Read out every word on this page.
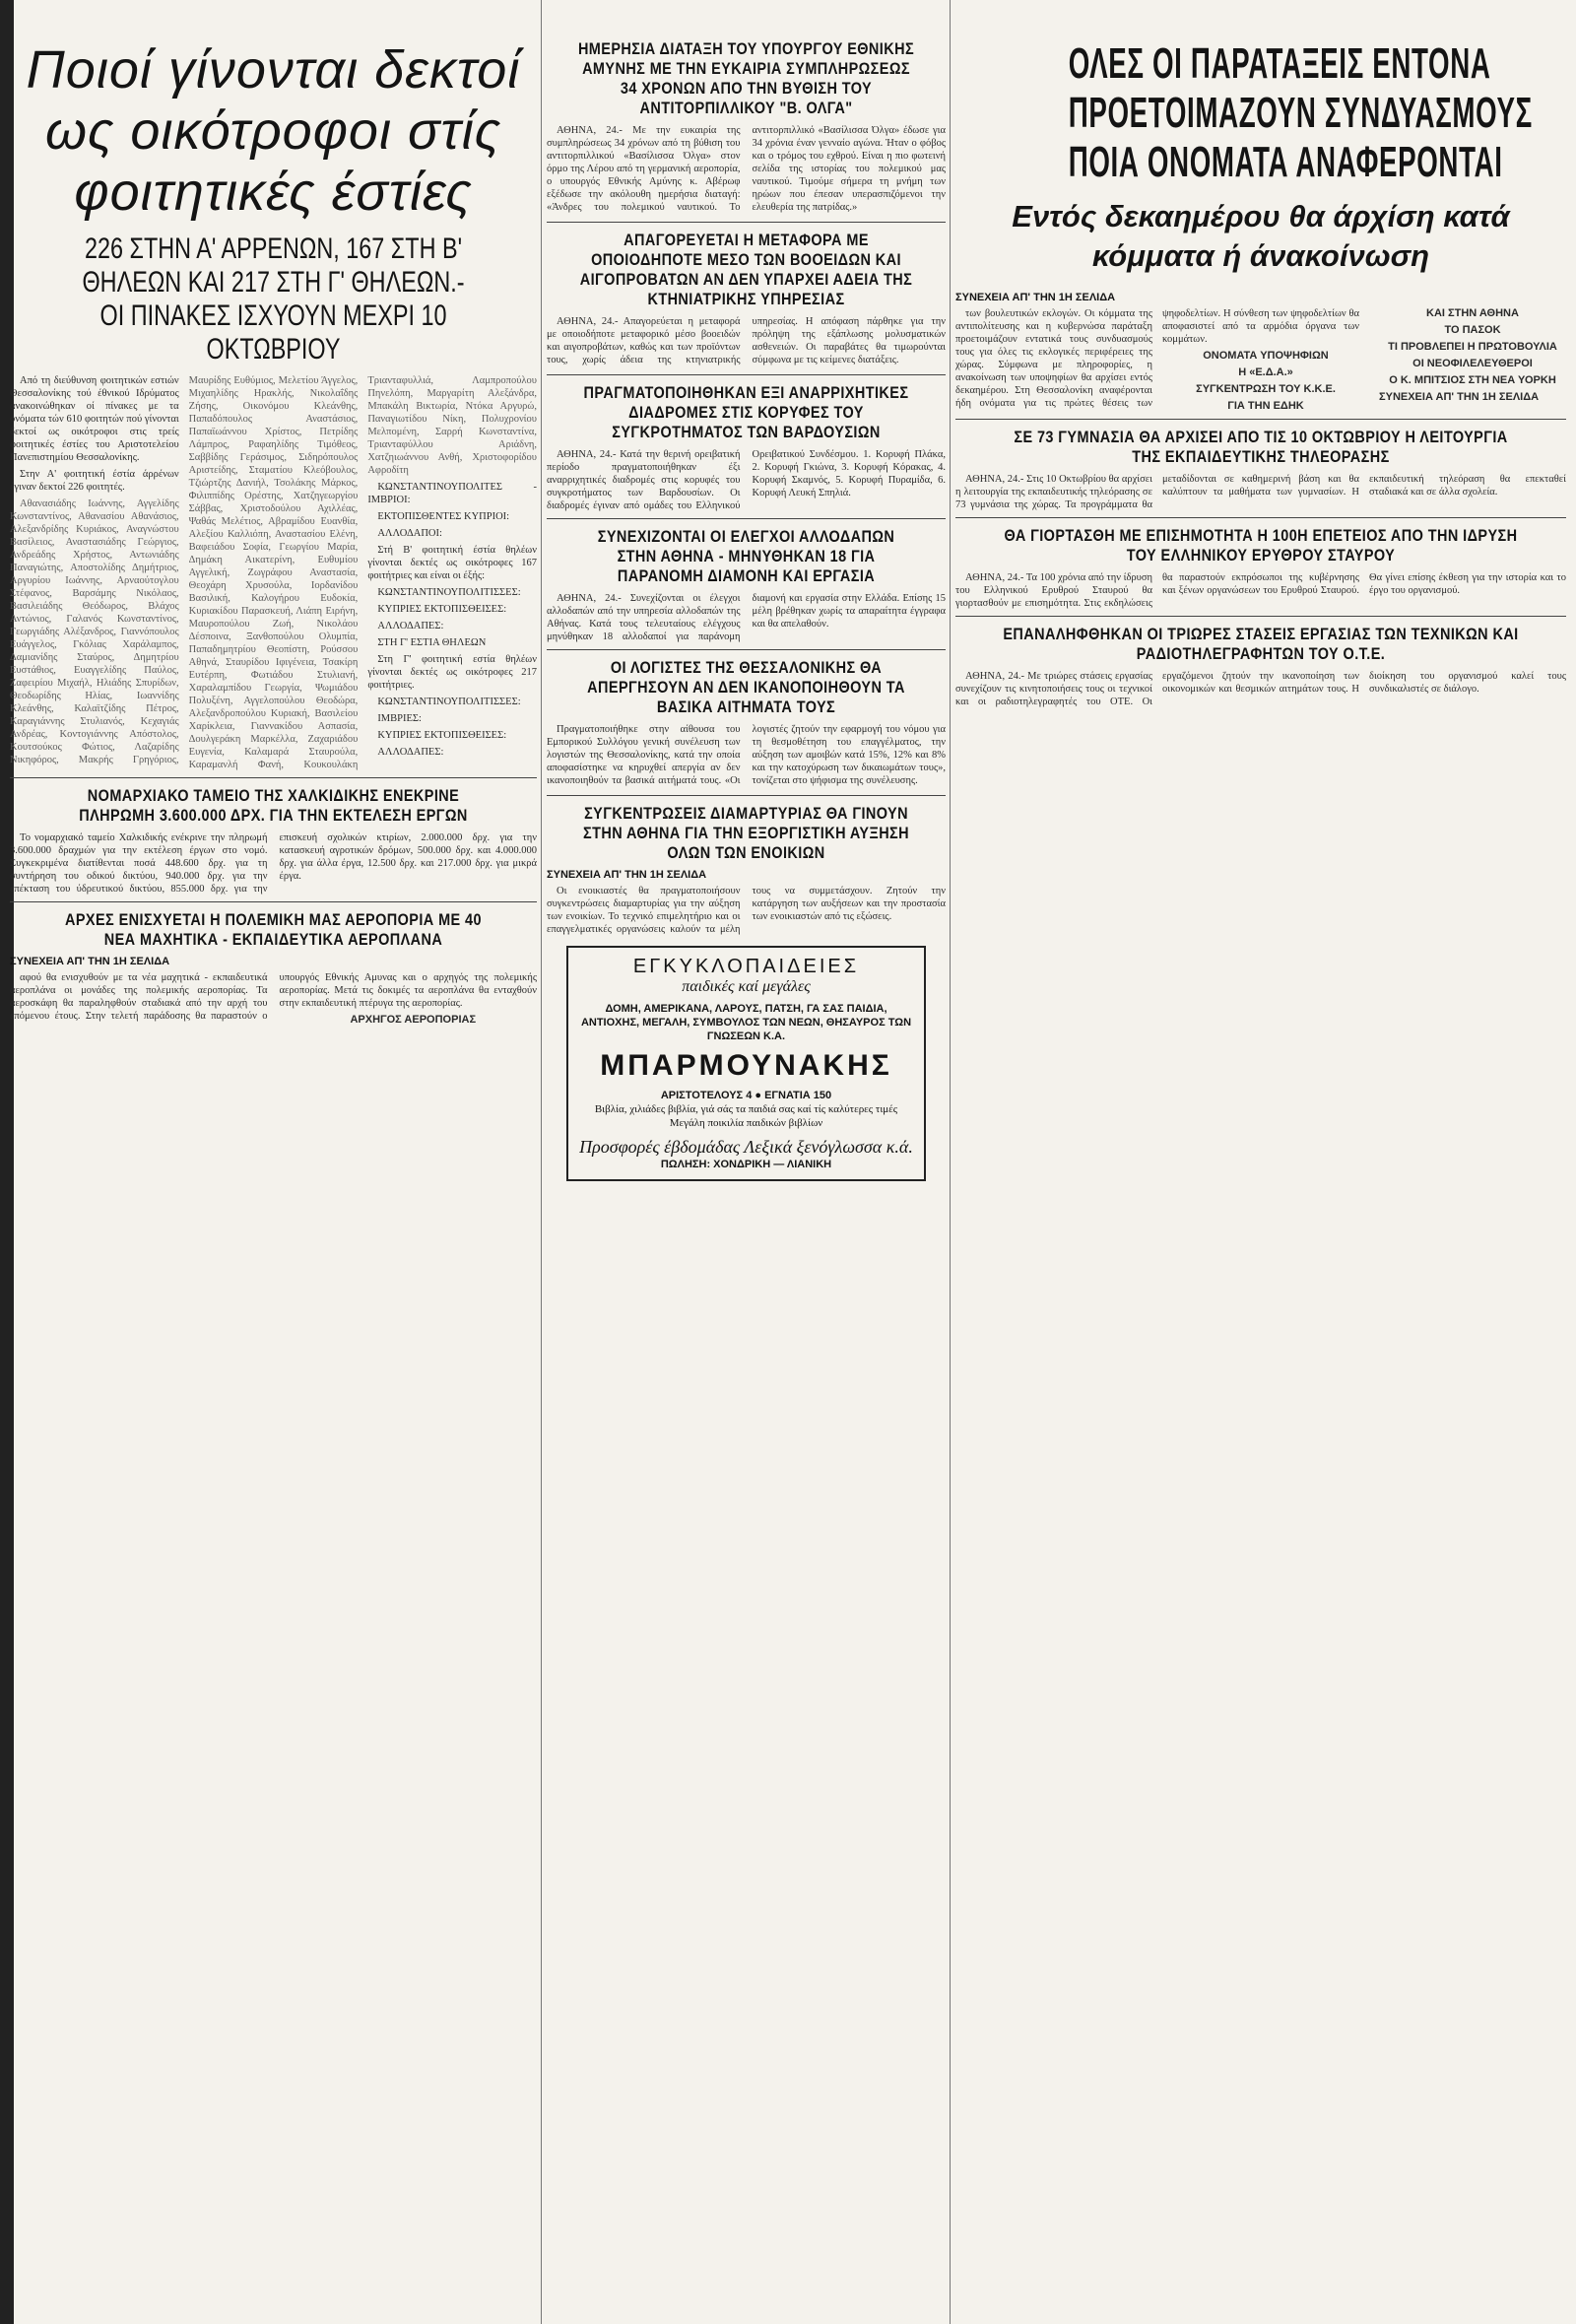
Ποιοί γίνονται δεκτοί ως οικότροφοι στίς φοιτητικές έστίες
226 ΣΤΗΝ Α' ΑΡΡΕΝΩΝ, 167 ΣΤΗ Β' ΘΗΛΕΩΝ ΚΑΙ 217 ΣΤΗ Γ' ΘΗΛΕΩΝ.- ΟΙ ΠΙΝΑΚΕΣ ΙΣΧΥΟΥΝ ΜΕΧΡΙ 10 ΟΚΤΩΒΡΙΟΥ

Από τη διεύθυνση φοιτητικών εστιών Θεσσαλονίκης τού έθνικού Ιδρύματος ανακοινώθηκαν οί πίνακες με τα ονόματα τών 610 φοιτητών πού γίνονται δεκτοί ως οικότροφοι στις τρείς φοιτητικές έστίες του Αριστοτελείου Πανεπιστημίου Θεσσαλονίκης.

Στην Α' φοιτητική έστία άρρένων έγιναν δεκτοί 226 φοιτητές.

Αθανασιάδης Ιωάννης, Αγγελίδης Κωνσταντίνος, Αθανασίου Αθανάσιος, Αλεξανδρίδης Κυριάκος, Αναγνώστου Βασίλειος, Αναστασιάδης Γεώργιος, Ανδρεάδης Χρήστος, Αντωνιάδης Παναγιώτης, Αποστολίδης Δημήτριος, Αργυρίου Ιωάννης, Αρναούτογλου Στέφανος, Βαρσάμης Νικόλαος, Βασιλειάδης Θεόδωρος, Βλάχος Αντώνιος, Γαλανός Κωνσταντίνος, Γεωργιάδης Αλέξανδρος, Γιαννόπουλος Ευάγγελος, Γκόλιας Χαράλαμπος, Δαμιανίδης Σταύρος, Δημητρίου Ευστάθιος, Ευαγγελίδης Παύλος, Ζαφειρίου Μιχαήλ, Ηλιάδης Σπυρίδων, Θεοδωρίδης Ηλίας, Ιωαννίδης Κλεάνθης, Καλαϊτζίδης Πέτρος, Καραγιάννης Στυλιανός, Κεχαγιάς Ανδρέας, Κοντογιάννης Απόστολος, Κουτσούκος Φώτιος, Λαζαρίδης Νικηφόρος, Μακρής Γρηγόριος, Μαυρίδης Ευθύμιος, Μελετίου Άγγελος, Μιχαηλίδης Ηρακλής, Νικολαΐδης Ζήσης, Οικονόμου Κλεάνθης, Παπαδόπουλος Αναστάσιος, Παπαϊωάννου Χρίστος, Πετρίδης Λάμπρος, Ραφαηλίδης Τιμόθεος, Σαββίδης Γεράσιμος, Σιδηρόπουλος Αριστείδης, Σταματίου Κλεόβουλος, Τζιώρτζης Δανιήλ, Τσολάκης Μάρκος, Φιλιππίδης Ορέστης, Χατζηγεωργίου Σάββας, Χριστοδούλου Αχιλλέας, Ψαθάς Μελέτιος, Αβραμίδου Ευανθία, Αλεξίου Καλλιόπη, Αναστασίου Ελένη, Βαφειάδου Σοφία, Γεωργίου Μαρία, Δημάκη Αικατερίνη, Ευθυμίου Αγγελική, Ζωγράφου Αναστασία, Θεοχάρη Χρυσούλα, Ιορδανίδου Βασιλική, Καλογήρου Ευδοκία, Κυριακίδου Παρασκευή, Λιάπη Ειρήνη, Μαυροπούλου Ζωή, Νικολάου Δέσποινα, Ξανθοπούλου Ολυμπία, Παπαδημητρίου Θεοπίστη, Ρούσσου Αθηνά, Σταυρίδου Ιφιγένεια, Τσακίρη Ευτέρπη, Φωτιάδου Στυλιανή, Χαραλαμπίδου Γεωργία, Ψωμιάδου Πολυξένη, Αγγελοπούλου Θεοδώρα, Αλεξανδροπούλου Κυριακή, Βασιλείου Χαρίκλεια, Γιαννακίδου Ασπασία, Δουλγεράκη Μαρκέλλα, Ζαχαριάδου Ευγενία, Καλαμαρά Σταυρούλα, Καραμανλή Φανή, Κουκουλάκη Τριανταφυλλιά, Λαμπροπούλου Πηνελόπη, Μαργαρίτη Αλεξάνδρα, Μπακάλη Βικτωρία, Ντόκα Αργυρώ, Παναγιωτίδου Νίκη, Πολυχρονίου Μελπομένη, Σαρρή Κωνσταντίνα, Τριανταφύλλου Αριάδνη, Χατζηιωάννου Ανθή, Χριστοφορίδου Αφροδίτη

ΚΩΝΣΤΑΝΤΙΝΟΥΠΟΛΙΤΕΣ - ΙΜΒΡΙΟΙ:

ΕΚΤΟΠΙΣΘΕΝΤΕΣ ΚΥΠΡΙΟΙ:

ΑΛΛΟΔΑΠΟΙ:

Στή Β' φοιτητική έστία θηλέων γίνονται δεκτές ως οικότροφες 167 φοιτήτριες και είναι οι έξής:

ΚΩΝΣΤΑΝΤΙΝΟΥΠΟΛΙΤΙΣΣΕΣ:

ΚΥΠΡΙΕΣ ΕΚΤΟΠΙΣΘΕΙΣΕΣ:

ΑΛΛΟΔΑΠΕΣ:

ΣΤΗ Γ' ΕΣΤΙΑ ΘΗΛΕΩΝ

Στη Γ' φοιτητική εστία θηλέων γίνονται δεκτές ως οικότροφες 217 φοιτήτριες.

ΚΩΝΣΤΑΝΤΙΝΟΥΠΟΛΙΤΙΣΣΕΣ:

ΙΜΒΡΙΕΣ:

ΚΥΠΡΙΕΣ ΕΚΤΟΠΙΣΘΕΙΣΕΣ:

ΑΛΛΟΔΑΠΕΣ:

ΝΟΜΑΡΧΙΑΚΟ ΤΑΜΕΙΟ ΤΗΣ ΧΑΛΚΙΔΙΚΗΣ ΕΝΕΚΡΙΝΕ ΠΛΗΡΩΜΗ 3.600.000 ΔΡΧ. ΓΙΑ ΤΗΝ ΕΚΤΕΛΕΣΗ ΕΡΓΩΝ

Το νομαρχιακό ταμείο Χαλκιδικής ενέκρινε την πληρωμή 3.600.000 δραχμών για την εκτέλεση έργων στο νομό. Συγκεκριμένα διατίθενται ποσά 448.600 δρχ. για τη συντήρηση του οδικού δικτύου, 940.000 δρχ. για την επέκταση του ύδρευτικού δικτύου, 855.000 δρχ. για την επισκευή σχολικών κτιρίων, 2.000.000 δρχ. για την κατασκευή αγροτικών δρόμων, 500.000 δρχ. και 4.000.000 δρχ. για άλλα έργα, 12.500 δρχ. και 217.000 δρχ. για μικρά έργα.

ΑΡΧΕΣ ΕΝΙΣΧΥΕΤΑΙ Η ΠΟΛΕΜΙΚΗ ΜΑΣ ΑΕΡΟΠΟΡΙΑ ΜΕ 40 ΝΕΑ ΜΑΧΗΤΙΚΑ - ΕΚΠΑΙΔΕΥΤΙΚΑ ΑΕΡΟΠΛΑΝΑ
ΣΥΝΕΧΕΙΑ ΑΠ' ΤΗΝ 1Η ΣΕΛΙΔΑ

αφού θα ενισχυθούν με τα νέα μαχητικά - εκπαιδευτικά αεροπλάνα οι μονάδες της πολεμικής αεροπορίας. Τα αεροσκάφη θα παραληφθούν σταδιακά από την αρχή του επόμενου έτους. Στην τελετή παράδοσης θα παραστούν ο υπουργός Εθνικής Αμυνας και ο αρχηγός της πολεμικής αεροπορίας. Μετά τις δοκιμές τα αεροπλάνα θα ενταχθούν στην εκπαιδευτική πτέρυγα της αεροπορίας.

ΑΡΧΗΓΟΣ ΑΕΡΟΠΟΡΙΑΣ

ΗΜΕΡΗΣΙΑ ΔΙΑΤΑΞΗ ΤΟΥ ΥΠΟΥΡΓΟΥ ΕΘΝΙΚΗΣ ΑΜΥΝΗΣ ΜΕ ΤΗΝ ΕΥΚΑΙΡΙΑ ΣΥΜΠΛΗΡΩΣΕΩΣ 34 ΧΡΟΝΩΝ ΑΠΟ ΤΗΝ ΒΥΘΙΣΗ ΤΟΥ ΑΝΤΙΤΟΡΠΙΛΛΙΚΟΥ "Β. ΟΛΓΑ"

ΑΘΗΝΑ, 24.- Με την ευκαιρία της συμπληρώσεως 34 χρόνων από τη βύθιση του αντιτορπιλλικού «Βασίλισσα Όλγα» στον όρμο της Λέρου από τη γερμανική αεροπορία, ο υπουργός Εθνικής Αμύνης κ. Αβέρωφ εξέδωσε την ακόλουθη ημερήσια διαταγή: «Άνδρες του πολεμικού ναυτικού. Το αντιτορπιλλικό «Βασίλισσα Όλγα» έδωσε για 34 χρόνια έναν γενναίο αγώνα. Ήταν ο φόβος και ο τρόμος του εχθρού. Είναι η πιο φωτεινή σελίδα της ιστορίας του πολεμικού μας ναυτικού. Τιμούμε σήμερα τη μνήμη των ηρώων που έπεσαν υπερασπιζόμενοι την ελευθερία της πατρίδας.»

ΑΠΑΓΟΡΕΥΕΤΑΙ Η ΜΕΤΑΦΟΡΑ ΜΕ ΟΠΟΙΟΔΗΠΟΤΕ ΜΕΣΟ ΤΩΝ ΒΟΟΕΙΔΩΝ ΚΑΙ ΑΙΓΟΠΡΟΒΑΤΩΝ ΑΝ ΔΕΝ ΥΠΑΡΧΕΙ ΑΔΕΙΑ ΤΗΣ ΚΤΗΝΙΑΤΡΙΚΗΣ ΥΠΗΡΕΣΙΑΣ

ΑΘΗΝΑ, 24.- Απαγορεύεται η μεταφορά με οποιοδήποτε μεταφορικό μέσο βοοειδών και αιγοπροβάτων, καθώς και των προϊόντων τους, χωρίς άδεια της κτηνιατρικής υπηρεσίας. Η απόφαση πάρθηκε για την πρόληψη της εξάπλωσης μολυσματικών ασθενειών. Οι παραβάτες θα τιμωρούνται σύμφωνα με τις κείμενες διατάξεις.

ΠΡΑΓΜΑΤΟΠΟΙΗΘΗΚΑΝ ΕΞΙ ΑΝΑΡΡΙΧΗΤΙΚΕΣ ΔΙΑΔΡΟΜΕΣ ΣΤΙΣ ΚΟΡΥΦΕΣ ΤΟΥ ΣΥΓΚΡΟΤΗΜΑΤΟΣ ΤΩΝ ΒΑΡΔΟΥΣΙΩΝ

ΑΘΗΝΑ, 24.- Κατά την θερινή ορειβατική περίοδο πραγματοποιήθηκαν έξι αναρριχητικές διαδρομές στις κορυφές του συγκροτήματος των Βαρδουσίων. Οι διαδρομές έγιναν από ομάδες του Ελληνικού Ορειβατικού Συνδέσμου. 1. Κορυφή Πλάκα, 2. Κορυφή Γκιώνα, 3. Κορυφή Κόρακας, 4. Κορυφή Σκαμνός, 5. Κορυφή Πυραμίδα, 6. Κορυφή Λευκή Σπηλιά.

ΣΥΝΕΧΙΖΟΝΤΑΙ ΟΙ ΕΛΕΓΧΟΙ ΑΛΛΟΔΑΠΩΝ ΣΤΗΝ ΑΘΗΝΑ - ΜΗΝΥΘΗΚΑΝ 18 ΓΙΑ ΠΑΡΑΝΟΜΗ ΔΙΑΜΟΝΗ ΚΑΙ ΕΡΓΑΣΙΑ

ΑΘΗΝΑ, 24.- Συνεχίζονται οι έλεγχοι αλλοδαπών από την υπηρεσία αλλοδαπών της Αθήνας. Κατά τους τελευταίους ελέγχους μηνύθηκαν 18 αλλοδαποί για παράνομη διαμονή και εργασία στην Ελλάδα. Επίσης 15 μέλη βρέθηκαν χωρίς τα απαραίτητα έγγραφα και θα απελαθούν.

ΟΙ ΛΟΓΙΣΤΕΣ ΤΗΣ ΘΕΣΣΑΛΟΝΙΚΗΣ ΘΑ ΑΠΕΡΓΗΣΟΥΝ ΑΝ ΔΕΝ ΙΚΑΝΟΠΟΙΗΘΟΥΝ ΤΑ ΒΑΣΙΚΑ ΑΙΤΗΜΑΤΑ ΤΟΥΣ

Πραγματοποιήθηκε στην αίθουσα του Εμπορικού Συλλόγου γενική συνέλευση των λογιστών της Θεσσαλονίκης, κατά την οποία αποφασίστηκε να κηρυχθεί απεργία αν δεν ικανοποιηθούν τα βασικά αιτήματά τους. «Οι λογιστές ζητούν την εφαρμογή του νόμου για τη θεσμοθέτηση του επαγγέλματος, την αύξηση των αμοιβών κατά 15%, 12% και 8% και την κατοχύρωση των δικαιωμάτων τους», τονίζεται στο ψήφισμα της συνέλευσης.

ΣΥΓΚΕΝΤΡΩΣΕΙΣ ΔΙΑΜΑΡΤΥΡΙΑΣ ΘΑ ΓΙΝΟΥΝ ΣΤΗΝ ΑΘΗΝΑ ΓΙΑ ΤΗΝ ΕΞΟΡΓΙΣΤΙΚΗ ΑΥΞΗΣΗ ΟΛΩΝ ΤΩΝ ΕΝΟΙΚΙΩΝ
ΣΥΝΕΧΕΙΑ ΑΠ' ΤΗΝ 1Η ΣΕΛΙΔΑ

Οι ενοικιαστές θα πραγματοποιήσουν συγκεντρώσεις διαμαρτυρίας για την αύξηση των ενοικίων. Το τεχνικό επιμελητήριο και οι επαγγελματικές οργανώσεις καλούν τα μέλη τους να συμμετάσχουν. Ζητούν την κατάργηση των αυξήσεων και την προστασία των ενοικιαστών από τις εξώσεις.

ΕΓΚΥΚΛΟΠΑΙΔΕΙΕΣ
παιδικές καί μεγάλες
ΔΟΜΗ, ΑΜΕΡΙΚΑΝΑ, ΛΑΡΟΥΣ, ΠΑΤΣΗ, ΓΑ ΣΑΣ ΠΑΙΔΙΑ,
ΑΝΤΙΟΧΗΣ, ΜΕΓΑΛΗ, ΣΥΜΒΟΥΛΟΣ ΤΩΝ ΝΕΩΝ, ΘΗΣΑΥΡΟΣ ΤΩΝ ΓΝΩΣΕΩΝ Κ.Α.
ΜΠΑΡΜΟΥΝΑΚΗΣ
ΑΡΙΣΤΟΤΕΛΟΥΣ 4 ● ΕΓΝΑΤΙΑ 150
Βιβλία, χιλιάδες βιβλία, γιά σάς τα παιδιά σας καί τίς καλύτερες τιμές
Μεγάλη ποικιλία παιδικών βιβλίων
Προσφορές έβδομάδας Λεξικά ξενόγλωσσα κ.ά.
ΠΩΛΗΣΗ: ΧΟΝΔΡΙΚΗ — ΛΙΑΝΙΚΗ
ΟΛΕΣ ΟΙ ΠΑΡΑΤΑΞΕΙΣ ΕΝΤΟΝΑ
ΠΡΟΕΤΟΙΜΑΖΟΥΝ ΣΥΝΔΥΑΣΜΟΥΣ
ΠΟΙΑ ΟΝΟΜΑΤΑ ΑΝΑΦΕΡΟΝΤΑΙ
Εντός δεκαημέρου θα άρχίση κατά κόμματα ή άνακοίνωση
ΣΥΝΕΧΕΙΑ ΑΠ' ΤΗΝ 1Η ΣΕΛΙΔΑ

των βουλευτικών εκλογών. Οι κόμματα της αντιπολίτευσης και η κυβερνώσα παράταξη προετοιμάζουν εντατικά τους συνδυασμούς τους για όλες τις εκλογικές περιφέρειες της χώρας. Σύμφωνα με πληροφορίες, η ανακοίνωση των υποψηφίων θα αρχίσει εντός δεκαημέρου. Στη Θεσσαλονίκη αναφέρονται ήδη ονόματα για τις πρώτες θέσεις των ψηφοδελτίων. Η σύνθεση των ψηφοδελτίων θα αποφασιστεί από τα αρμόδια όργανα των κομμάτων.

ΟΝΟΜΑΤΑ ΥΠΟΨΗΦΙΩΝ

Η «Ε.Δ.Α.»

ΣΥΓΚΕΝΤΡΩΣΗ ΤΟΥ Κ.Κ.Ε.

ΓΙΑ ΤΗΝ ΕΔΗΚ

ΚΑΙ ΣΤΗΝ ΑΘΗΝΑ

ΤΟ ΠΑΣΟΚ

ΤΙ ΠΡΟΒΛΕΠΕΙ Η ΠΡΩΤΟΒΟΥΛΙΑ

ΟΙ ΝΕΟΦΙΛΕΛΕΥΘΕΡΟΙ

Ο Κ. ΜΠΙΤΣΙΟΣ ΣΤΗ ΝΕΑ ΥΟΡΚΗ

ΣΥΝΕΧΕΙΑ ΑΠ' ΤΗΝ 1Η ΣΕΛΙΔΑ

ΣΕ 73 ΓΥΜΝΑΣΙΑ ΘΑ ΑΡΧΙΣΕΙ ΑΠΟ ΤΙΣ 10 ΟΚΤΩΒΡΙΟΥ Η ΛΕΙΤΟΥΡΓΙΑ ΤΗΣ ΕΚΠΑΙΔΕΥΤΙΚΗΣ ΤΗΛΕΟΡΑΣΗΣ

ΑΘΗΝΑ, 24.- Στις 10 Οκτωβρίου θα αρχίσει η λειτουργία της εκπαιδευτικής τηλεόρασης σε 73 γυμνάσια της χώρας. Τα προγράμματα θα μεταδίδονται σε καθημερινή βάση και θα καλύπτουν τα μαθήματα των γυμνασίων. Η εκπαιδευτική τηλεόραση θα επεκταθεί σταδιακά και σε άλλα σχολεία.

ΘΑ ΓΙΟΡΤΑΣΘΗ ΜΕ ΕΠΙΣΗΜΟΤΗΤΑ Η 100Η ΕΠΕΤΕΙΟΣ ΑΠΟ ΤΗΝ ΙΔΡΥΣΗ ΤΟΥ ΕΛΛΗΝΙΚΟΥ ΕΡΥΘΡΟΥ ΣΤΑΥΡΟΥ

ΑΘΗΝΑ, 24.- Τα 100 χρόνια από την ίδρυση του Ελληνικού Ερυθρού Σταυρού θα γιορτασθούν με επισημότητα. Στις εκδηλώσεις θα παραστούν εκπρόσωποι της κυβέρνησης και ξένων οργανώσεων του Ερυθρού Σταυρού. Θα γίνει επίσης έκθεση για την ιστορία και το έργο του οργανισμού.

ΕΠΑΝΑΛΗΦΘΗΚΑΝ ΟΙ ΤΡΙΩΡΕΣ ΣΤΑΣΕΙΣ ΕΡΓΑΣΙΑΣ ΤΩΝ ΤΕΧΝΙΚΩΝ ΚΑΙ ΡΑΔΙΟΤΗΛΕΓΡΑΦΗΤΩΝ ΤΟΥ Ο.Τ.Ε.

ΑΘΗΝΑ, 24.- Με τριώρες στάσεις εργασίας συνεχίζουν τις κινητοποιήσεις τους οι τεχνικοί και οι ραδιοτηλεγραφητές του ΟΤΕ. Οι εργαζόμενοι ζητούν την ικανοποίηση των οικονομικών και θεσμικών αιτημάτων τους. Η διοίκηση του οργανισμού καλεί τους συνδικαλιστές σε διάλογο.
